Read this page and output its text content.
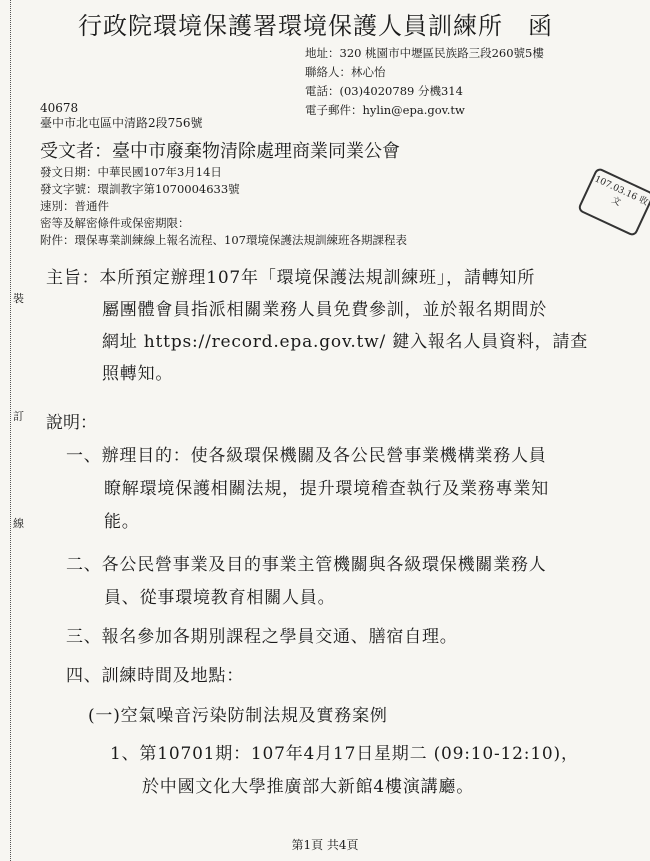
裝
訂
線
行政院環境保護署環境保護人員訓練所　函
地址：320 桃園市中壢區民族路三段260號5樓
聯絡人：林心怡
電話：(03)4020789 分機314
電子郵件：hylin@epa.gov.tw
40678
臺中市北屯區中清路2段756號
受文者：臺中市廢棄物清除處理商業同業公會
發文日期：中華民國107年3月14日
發文字號：環訓教字第1070004633號
速別：普通件
密等及解密條件或保密期限：
附件：環保專業訓練線上報名流程、107環境保護法規訓練班各期課程表
107.03.16 收文
主旨：本所預定辦理107年「環境保護法規訓練班」，請轉知所
屬團體會員指派相關業務人員免費參訓，並於報名期間於
網址 https://record.epa.gov.tw/ 鍵入報名人員資料，請查
照轉知。
說明：
一、辦理目的：使各級環保機關及各公民營事業機構業務人員
瞭解環境保護相關法規，提升環境稽查執行及業務專業知
能。
二、各公民營事業及目的事業主管機關與各級環保機關業務人
員、從事環境教育相關人員。
三、報名參加各期別課程之學員交通、膳宿自理。
四、訓練時間及地點：
(一)空氣噪音污染防制法規及實務案例
1、第10701期：107年4月17日星期二 (09:10-12:10)，
於中國文化大學推廣部大新館4樓演講廳。
第1頁 共4頁
